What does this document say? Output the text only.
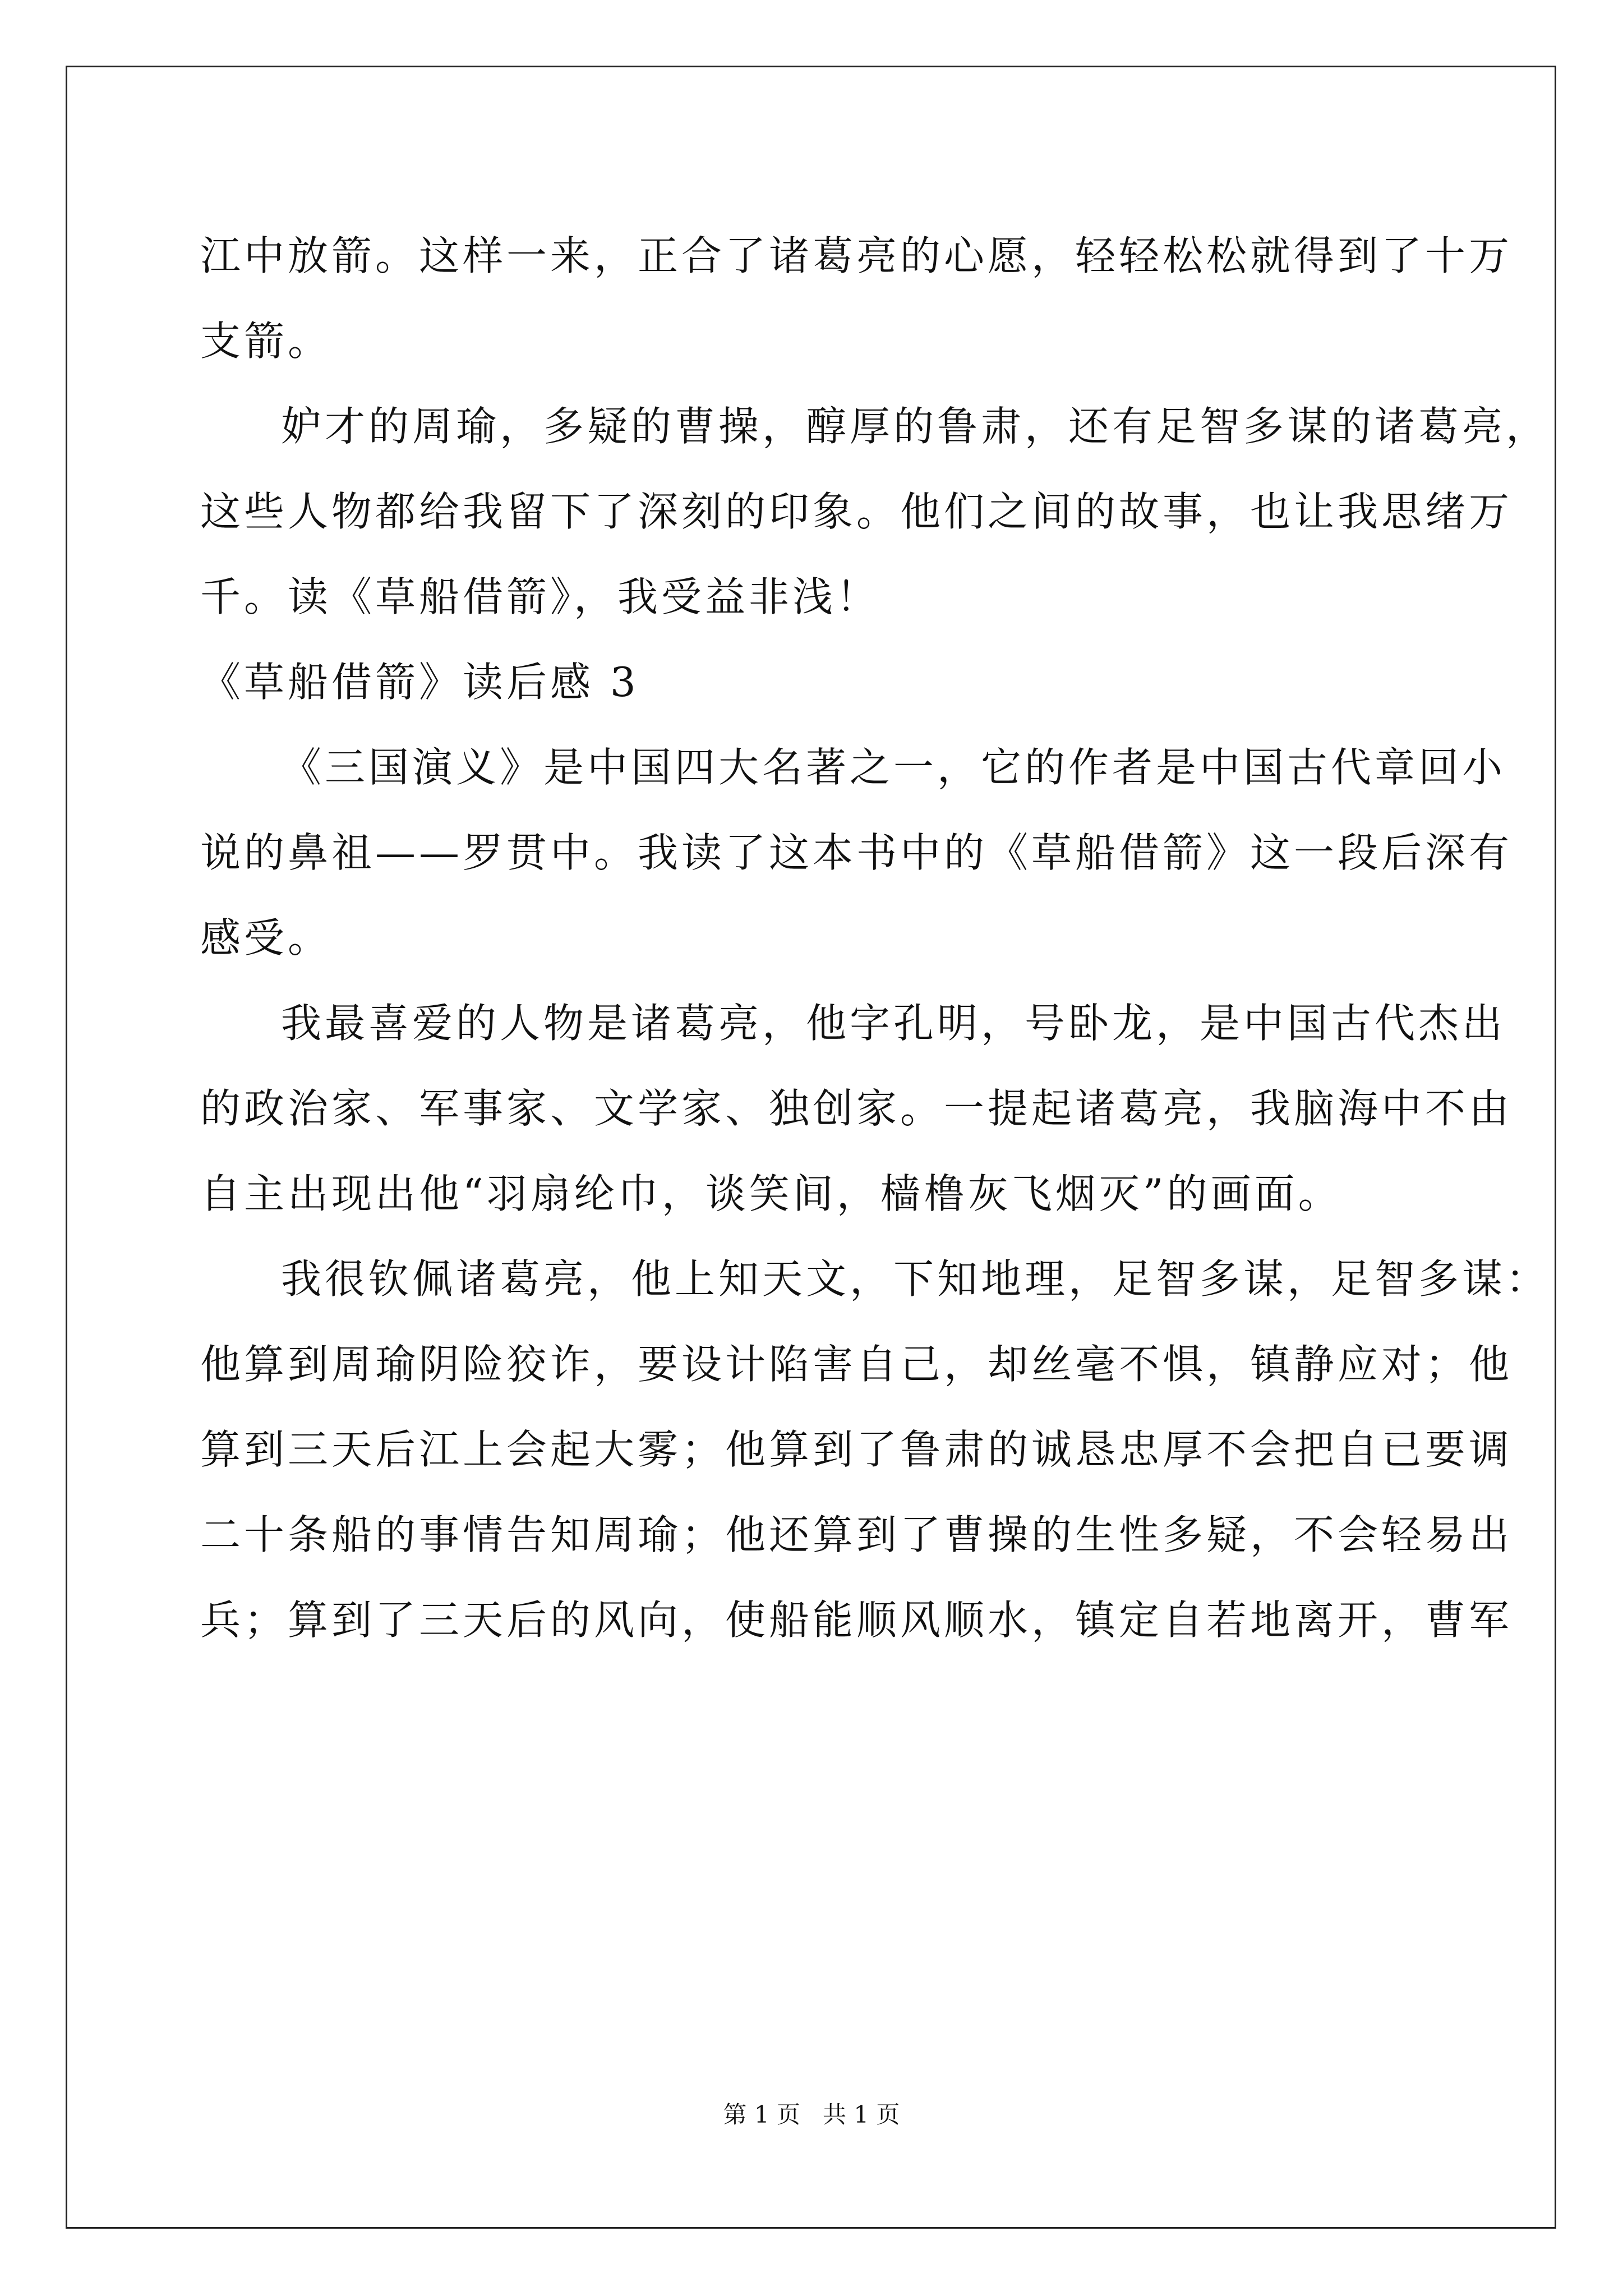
江中放箭。这样一来，正合了诸葛亮的心愿，轻轻松松就得到了十万
支箭。
妒才的周瑜，多疑的曹操，醇厚的鲁肃，还有足智多谋的诸葛亮，
这些人物都给我留下了深刻的印象。他们之间的故事，也让我思绪万
千。读《草船借箭》，我受益非浅！
《草船借箭》读后感 3
《三国演义》是中国四大名著之一，它的作者是中国古代章回小
说的鼻祖——罗贯中。我读了这本书中的《草船借箭》这一段后深有
感受。
我最喜爱的人物是诸葛亮，他字孔明，号卧龙，是中国古代杰出
的政治家、军事家、文学家、独创家。一提起诸葛亮，我脑海中不由
自主出现出他“羽扇纶巾，谈笑间，樯橹灰飞烟灭”的画面。
我很钦佩诸葛亮，他上知天文，下知地理，足智多谋，足智多谋：
他算到周瑜阴险狡诈，要设计陷害自己，却丝毫不惧，镇静应对；他
算到三天后江上会起大雾；他算到了鲁肃的诚恳忠厚不会把自已要调
二十条船的事情告知周瑜；他还算到了曹操的生性多疑，不会轻易出
兵；算到了三天后的风向，使船能顺风顺水，镇定自若地离开，曹军
第 1 页   共 1 页
